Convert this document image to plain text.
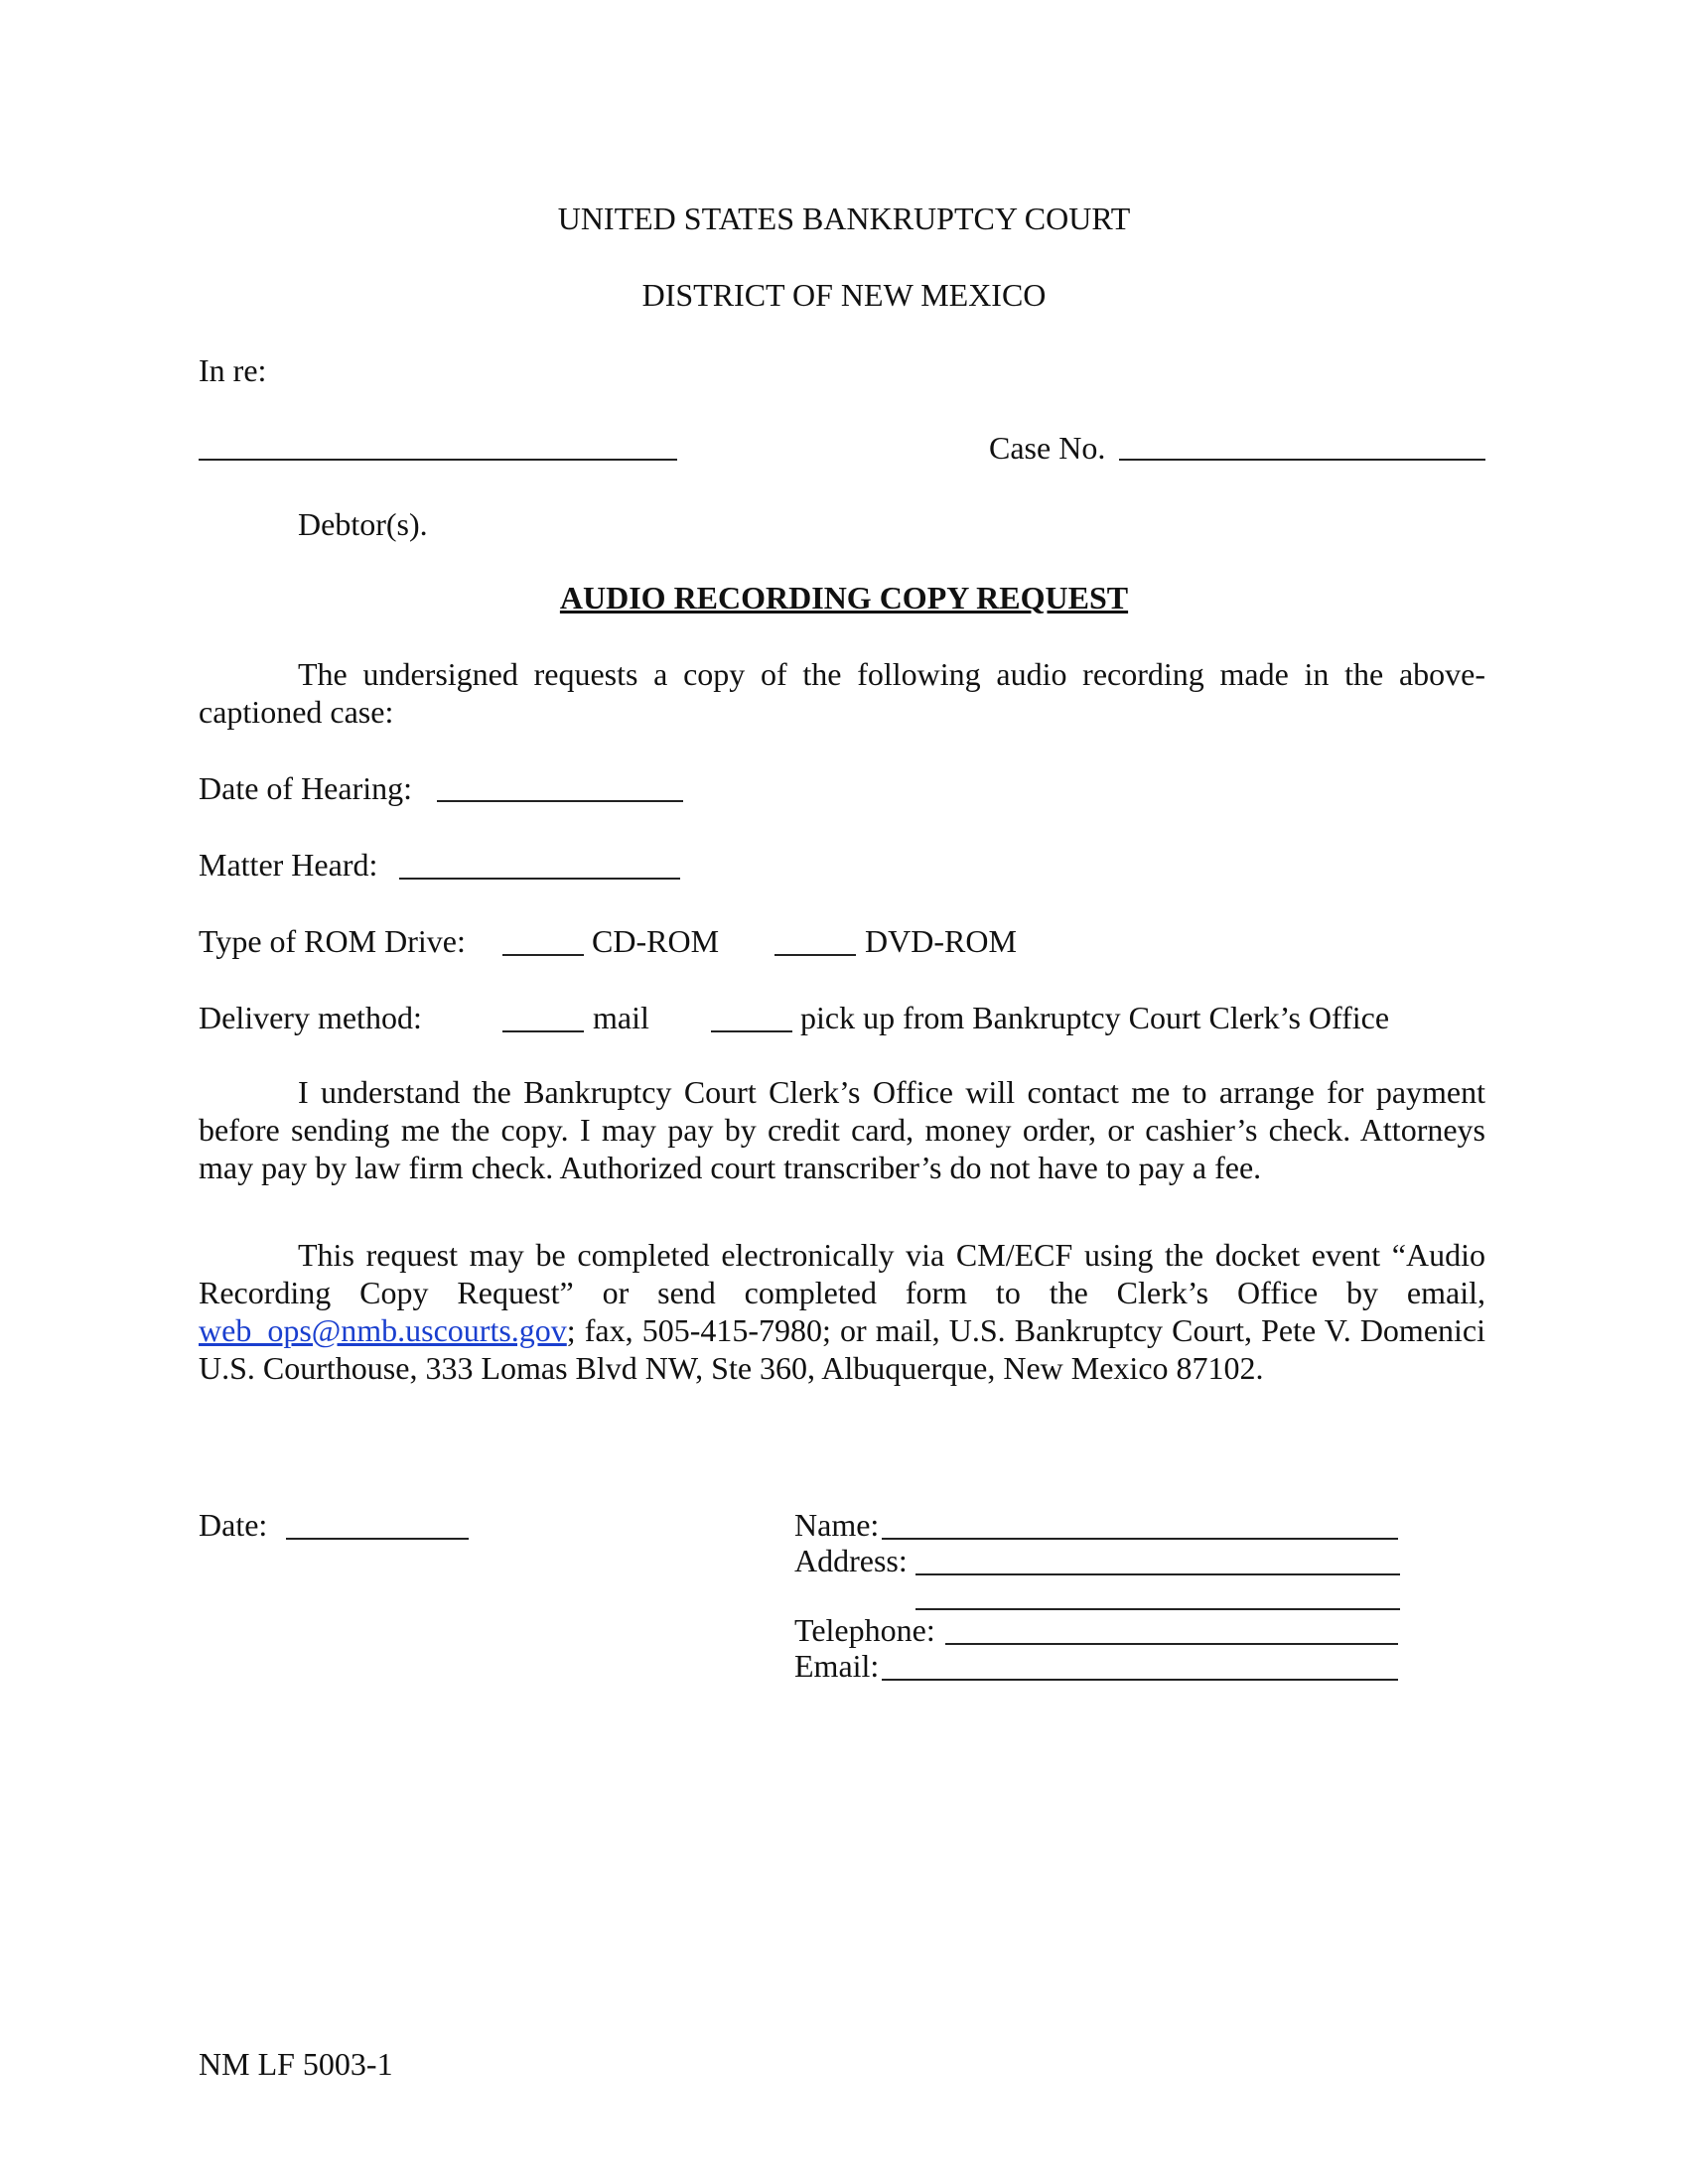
UNITED STATES BANKRUPTCY COURT
DISTRICT OF NEW MEXICO
In re:
Case No.
Debtor(s).
AUDIO RECORDING COPY REQUEST
The undersigned requests a copy of the following audio recording made in the above-captioned case:
Date of Hearing:
Matter Heard:
Type of ROM Drive:	CD-ROM	DVD-ROM
Delivery method:	mail	pick up from Bankruptcy Court Clerk’s Office
I understand the Bankruptcy Court Clerk’s Office will contact me to arrange for payment before sending me the copy. I may pay by credit card, money order, or cashier’s check. Attorneys may pay by law firm check. Authorized court transcriber’s do not have to pay a fee.
This request may be completed electronically via CM/ECF using the docket event “Audio Recording Copy Request” or send completed form to the Clerk’s Office by email, web_ops@nmb.uscourts.gov; fax, 505-415-7980; or mail, U.S. Bankruptcy Court, Pete V. Domenici U.S. Courthouse, 333 Lomas Blvd NW, Ste 360, Albuquerque, New Mexico 87102.
Date:	Name:
Address:
Telephone:
Email:
NM LF 5003-1
